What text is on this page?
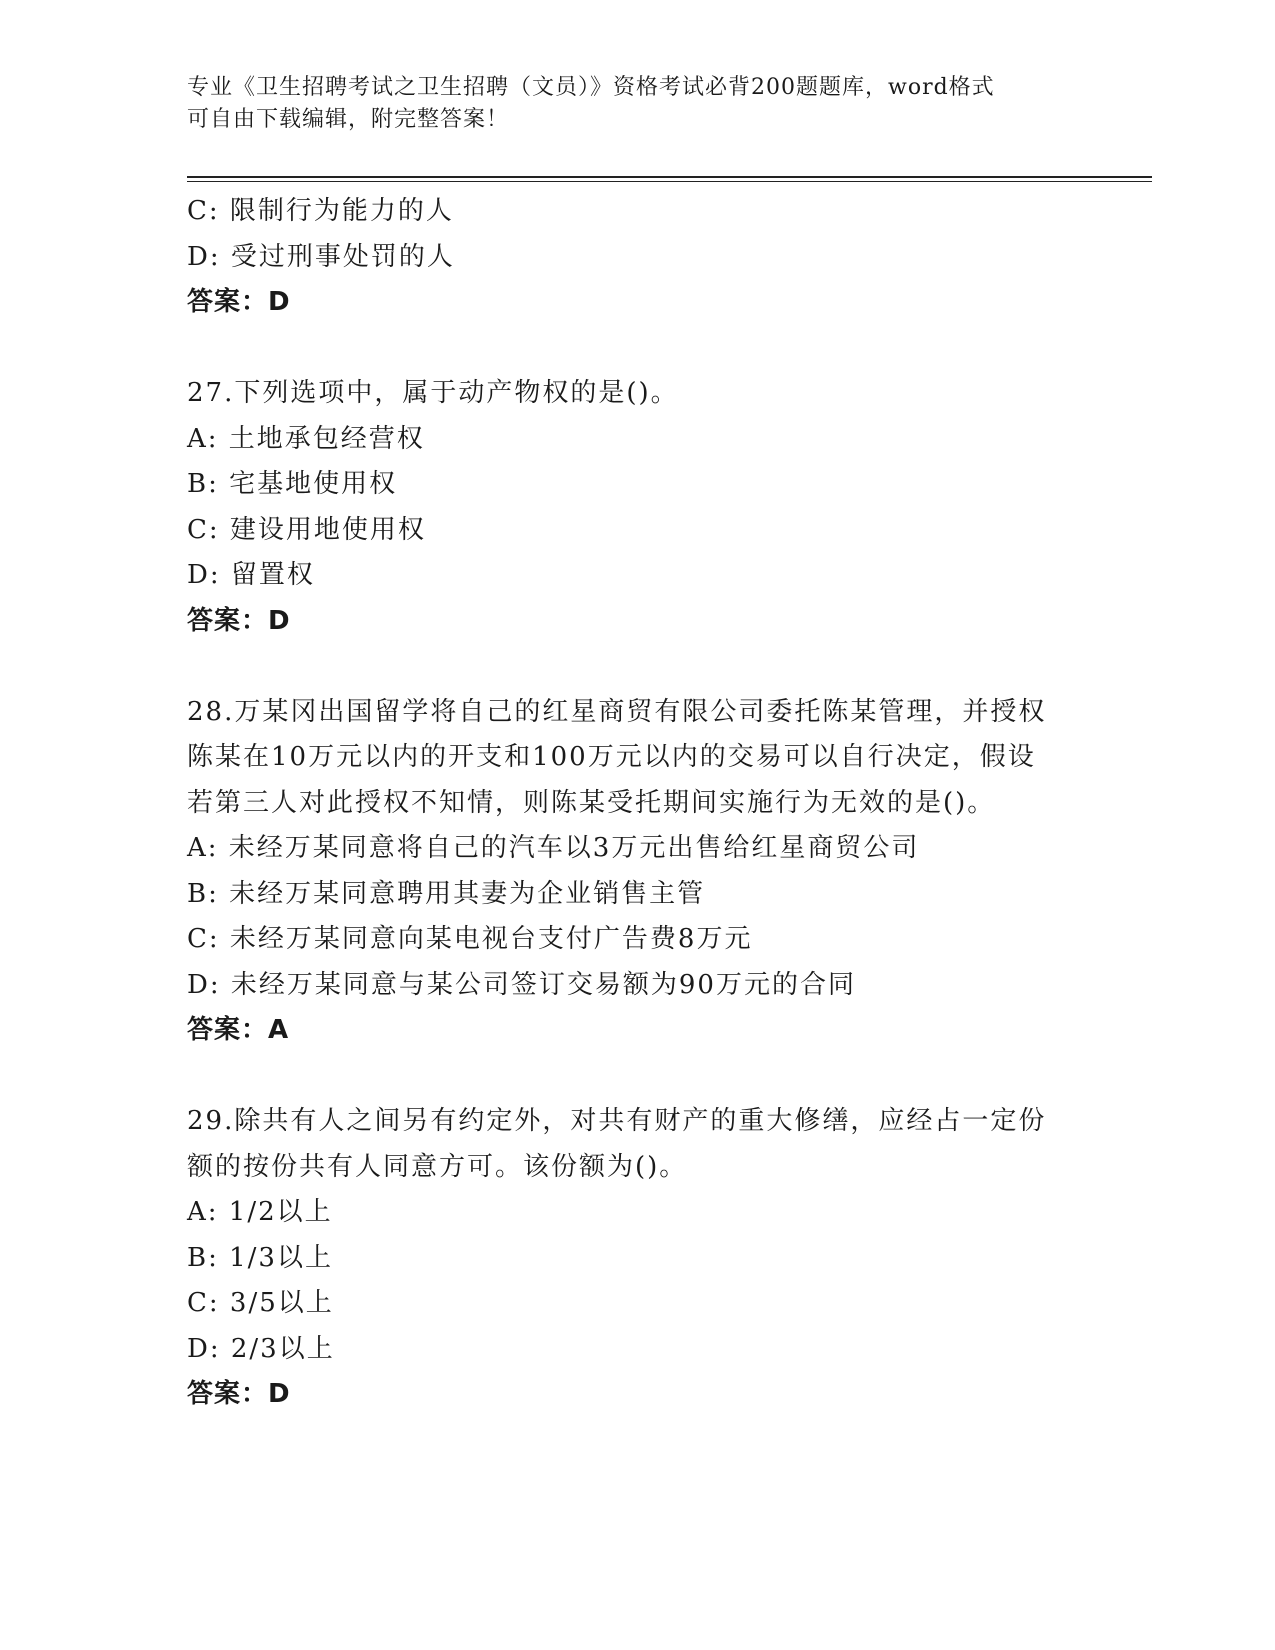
专业《卫生招聘考试之卫生招聘（文员）》资格考试必背200题题库，word格式
可自由下载编辑，附完整答案！
C: 限制行为能力的人
D: 受过刑事处罚的人
答案：D
27.下列选项中，属于动产物权的是()。
A: 土地承包经营权
B: 宅基地使用权
C: 建设用地使用权
D: 留置权
答案：D
28.万某冈出国留学将自己的红星商贸有限公司委托陈某管理，并授权
陈某在10万元以内的开支和100万元以内的交易可以自行决定，假设
若第三人对此授权不知情，则陈某受托期间实施行为无效的是()。
A: 未经万某同意将自己的汽车以3万元出售给红星商贸公司
B: 未经万某同意聘用其妻为企业销售主管
C: 未经万某同意向某电视台支付广告费8万元
D: 未经万某同意与某公司签订交易额为90万元的合同
答案：A
29.除共有人之间另有约定外，对共有财产的重大修缮，应经占一定份
额的按份共有人同意方可。该份额为()。
A: 1/2以上
B: 1/3以上
C: 3/5以上
D: 2/3以上
答案：D
